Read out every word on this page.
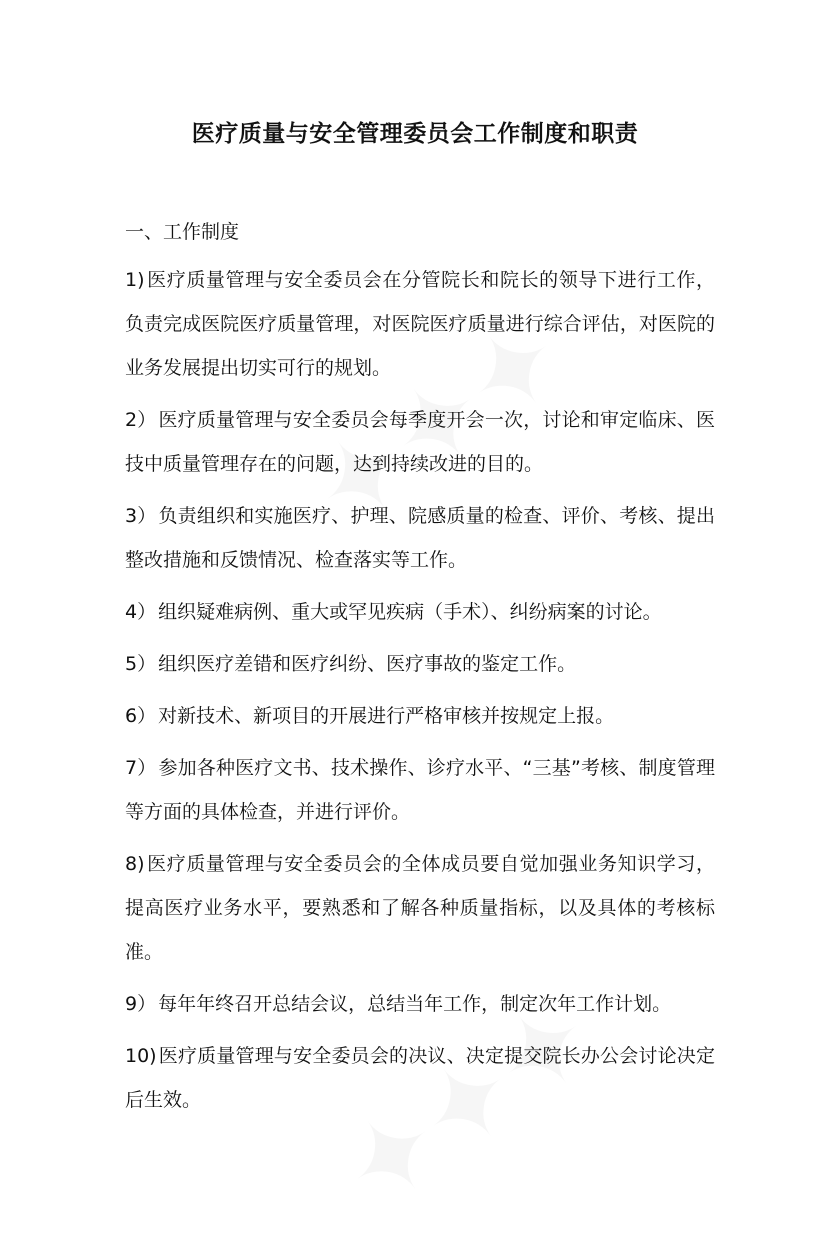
医疗质量与安全管理委员会工作制度和职责
一、工作制度

1) 医疗质量管理与安全委员会在分管院长和院长的领导下进行工作，负责完成医院医疗质量管理，对医院医疗质量进行综合评估，对医院的业务发展提出切实可行的规划。

2） 医疗质量管理与安全委员会每季度开会一次，讨论和审定临床、医技中质量管理存在的问题，达到持续改进的目的。

3） 负责组织和实施医疗、护理、院感质量的检查、评价、考核、提出整改措施和反馈情况、检查落实等工作。

4） 组织疑难病例、重大或罕见疾病（手术）、纠纷病案的讨论。

5） 组织医疗差错和医疗纠纷、医疗事故的鉴定工作。

6） 对新技术、新项目的开展进行严格审核并按规定上报。

7） 参加各种医疗文书、技术操作、诊疗水平、“三基”考核、制度管理等方面的具体检查，并进行评价。

8) 医疗质量管理与安全委员会的全体成员要自觉加强业务知识学习，提高医疗业务水平，要熟悉和了解各种质量指标，以及具体的考核标准。

9） 每年年终召开总结会议，总结当年工作，制定次年工作计划。

10) 医疗质量管理与安全委员会的决议、决定提交院长办公会讨论决定后生效。
